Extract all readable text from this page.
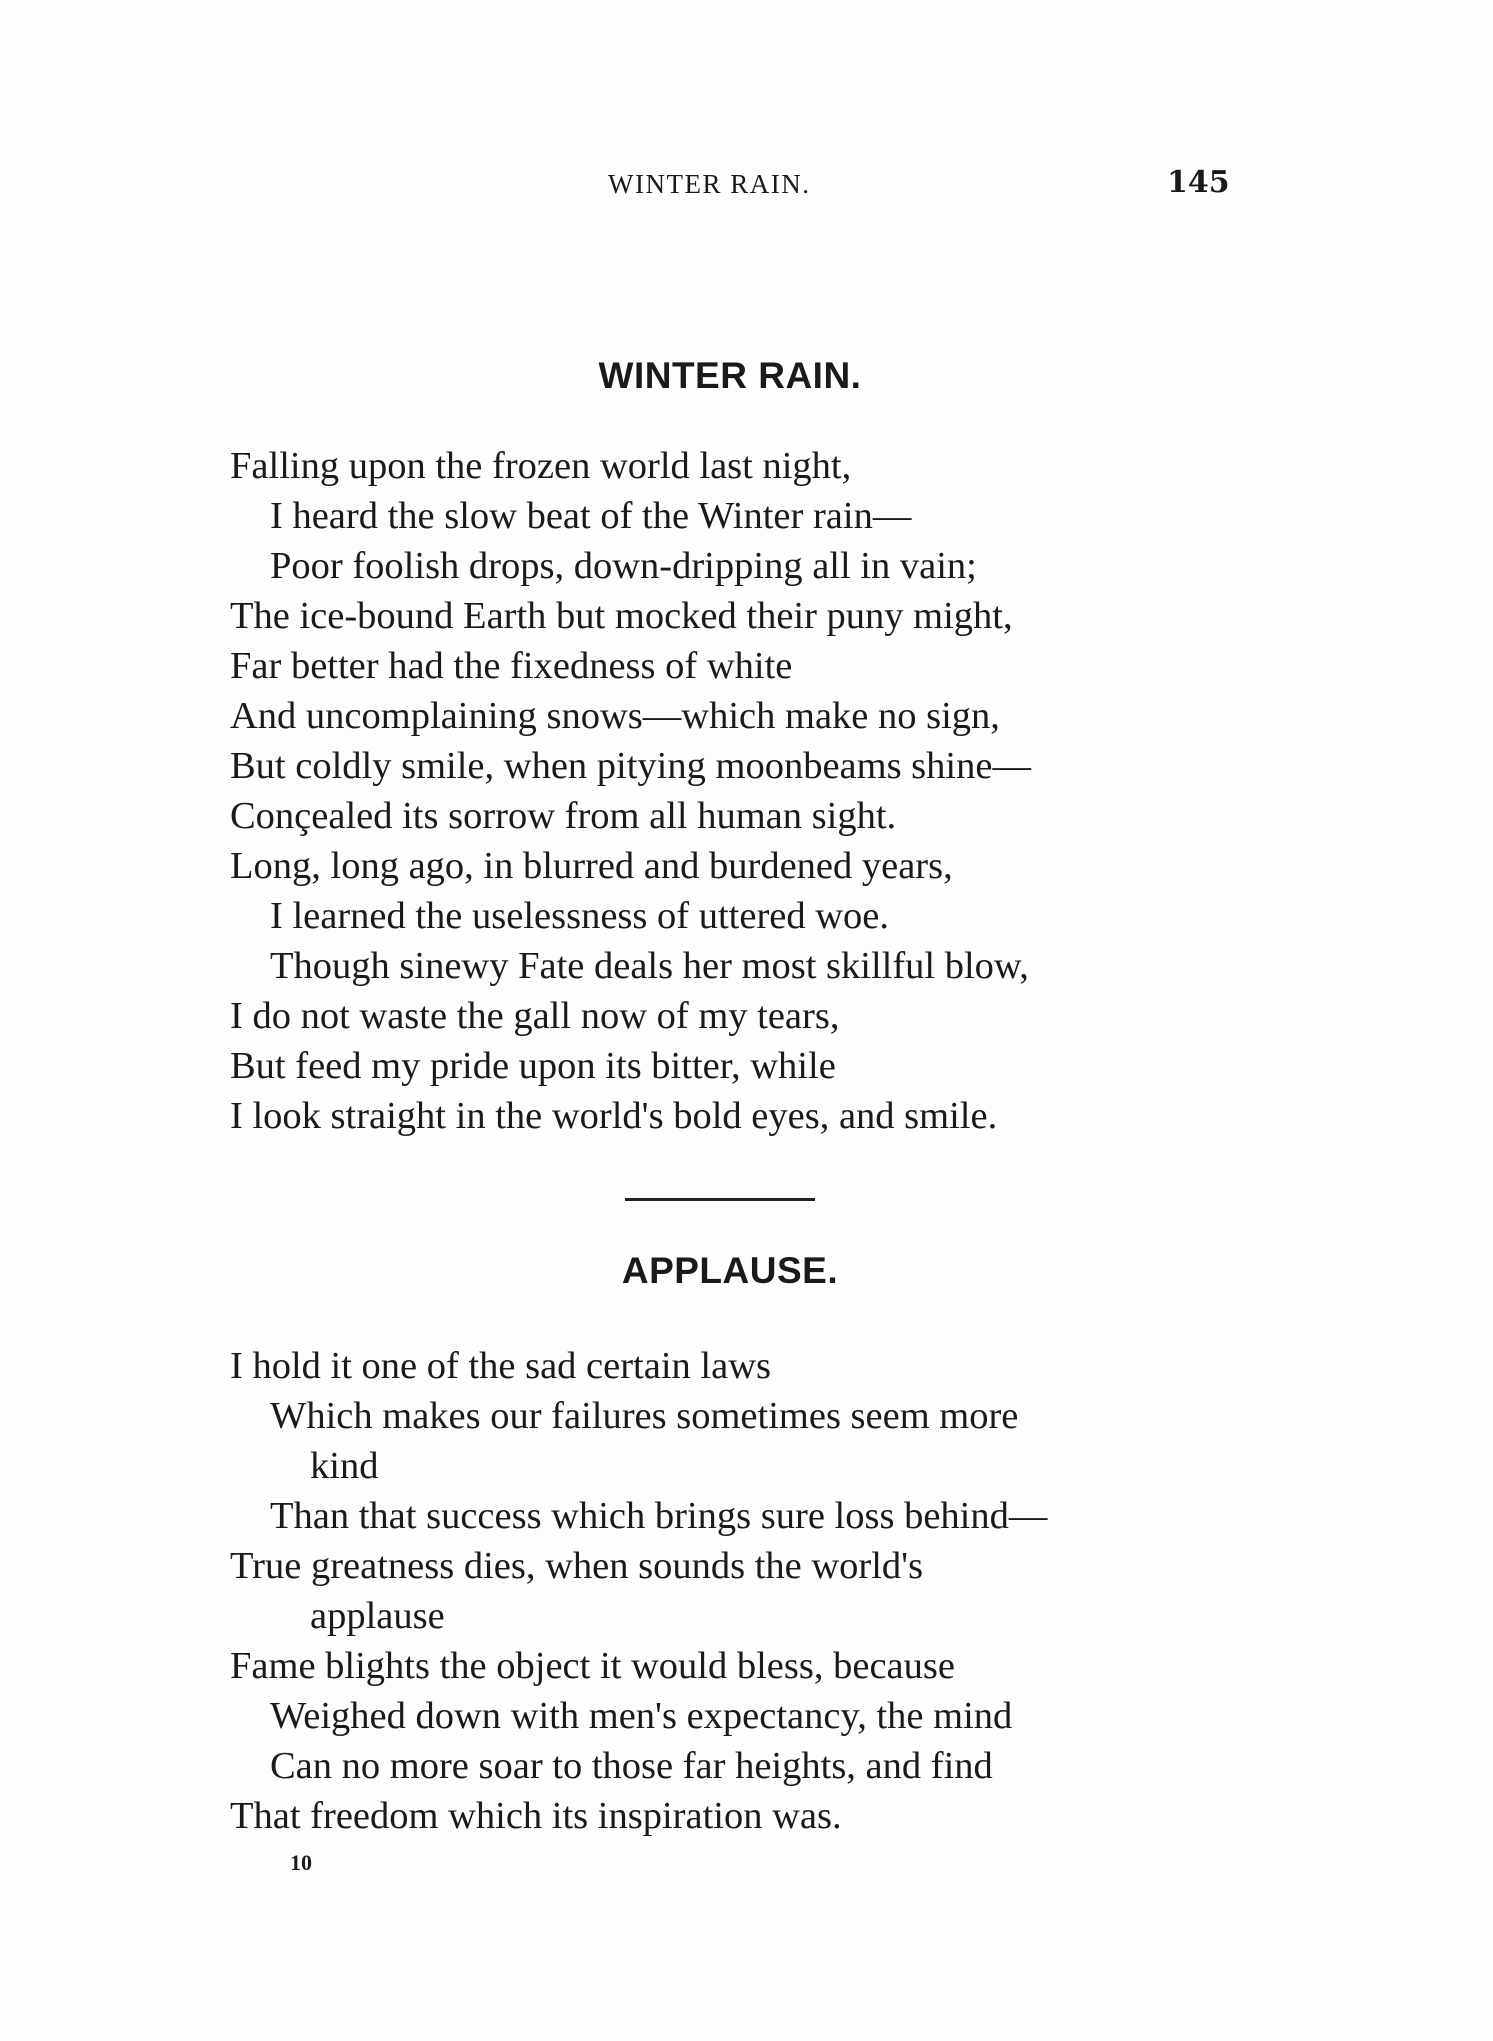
WINTER RAIN.	145
WINTER RAIN.
Falling upon the frozen world last night,
I heard the slow beat of the Winter rain—
Poor foolish drops, down-dripping all in vain;
The ice-bound Earth but mocked their puny might,
Far better had the fixedness of white
And uncomplaining snows—which make no sign,
But coldly smile, when pitying moonbeams shine—
Conçealed its sorrow from all human sight.
Long, long ago, in blurred and burdened years,
I learned the uselessness of uttered woe.
Though sinewy Fate deals her most skillful blow,
I do not waste the gall now of my tears,
But feed my pride upon its bitter, while
I look straight in the world's bold eyes, and smile.
APPLAUSE.
I hold it one of the sad certain laws
Which makes our failures sometimes seem more
kind
Than that success which brings sure loss behind—
True greatness dies, when sounds the world's
applause
Fame blights the object it would bless, because
Weighed down with men's expectancy, the mind
Can no more soar to those far heights, and find
That freedom which its inspiration was.
10
